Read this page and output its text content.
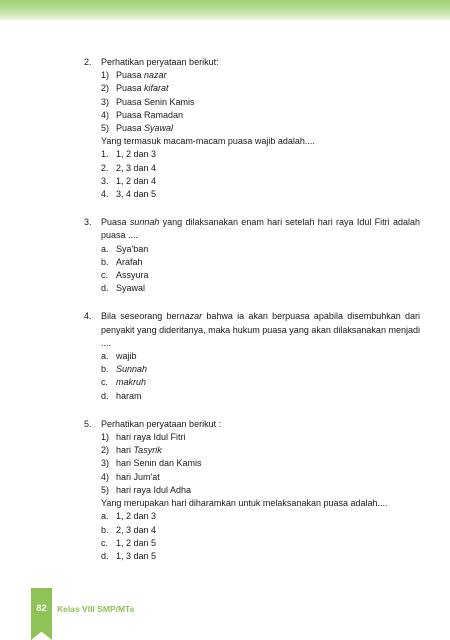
2. Perhatikan peryataan berikut:
1) Puasa nazar
2) Puasa kifarat
3) Puasa Senin Kamis
4) Puasa Ramadan
5) Puasa Syawal
Yang termasuk macam-macam puasa wajib adalah....
1. 1, 2 dan 3
2. 2, 3 dan 4
3. 1, 2 dan 4
4. 3, 4 dan 5
3. Puasa sunnah yang dilaksanakan enam hari setelah hari raya Idul Fitri adalah puasa ....
a. Sya'ban
b. Arafah
c. Assyura
d. Syawal
4. Bila seseorang bernazar bahwa ia akan berpuasa apabila disembuhkan dari penyakit yang dideritanya, maka hukum puasa yang akan dilaksanakan menjadi ....
a. wajib
b. Sunnah
c. makruh
d. haram
5. Perhatikan peryataan berikut :
1) hari raya Idul Fitri
2) hari Tasyrik
3) hari Senin dan Kamis
4) hari Jum'at
5) hari raya Idul Adha
Yang merupakan hari diharamkan untuk melaksanakan puasa adalah....
a. 1, 2 dan 3
b. 2, 3 dan 4
c. 1, 2 dan 5
d. 1, 3 dan 5
82	Kelas VIII SMP/MTs
